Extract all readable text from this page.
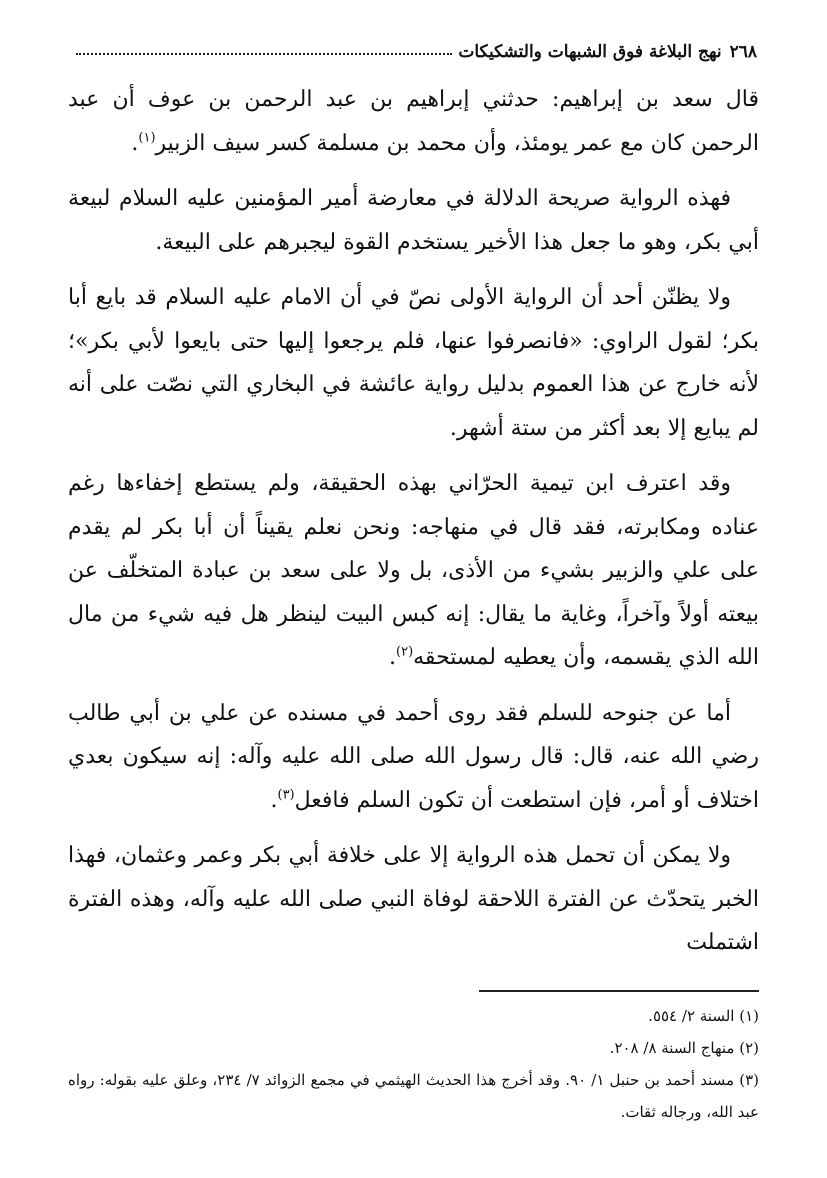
٢٦٨
نهج البلاغة فوق الشبهات والتشكيكات

قال سعد بن إبراهيم: حدثني إبراهيم بن عبد الرحمن بن عوف أن عبد الرحمن كان مع عمر يومئذ، وأن محمد بن مسلمة كسر سيف الزبير$^{(١)}$.

فهذه الرواية صريحة الدلالة في معارضة أمير المؤمنين عليه السلام لبيعة أبي بكر، وهو ما جعل هذا الأخير يستخدم القوة ليجبرهم على البيعة.

ولا يظنّن أحد أن الرواية الأولى نصّ في أن الامام عليه السلام قد بايع أبا بكر؛ لقول الراوي: «فانصرفوا عنها، فلم يرجعوا إليها حتى بايعوا لأبي بكر»؛ لأنه خارج عن هذا العموم بدليل رواية عائشة في البخاري التي نصّت على أنه لم يبايع إلا بعد أكثر من ستة أشهر.

وقد اعترف ابن تيمية الحرّاني بهذه الحقيقة، ولم يستطع إخفاءها رغم عناده ومكابرته، فقد قال في منهاجه: ونحن نعلم يقيناً أن أبا بكر لم يقدم على علي والزبير بشيء من الأذى، بل ولا على سعد بن عبادة المتخلّف عن بيعته أولاً وآخراً، وغاية ما يقال: إنه كبس البيت لينظر هل فيه شيء من مال الله الذي يقسمه، وأن يعطيه لمستحقه$^{(٢)}$.

أما عن جنوحه للسلم فقد روى أحمد في مسنده عن علي بن أبي طالب رضي الله عنه، قال: قال رسول الله صلى الله عليه وآله: إنه سيكون بعدي اختلاف أو أمر، فإن استطعت أن تكون السلم فافعل$^{(٣)}$.

ولا يمكن أن تحمل هذه الرواية إلا على خلافة أبي بكر وعمر وعثمان، فهذا الخبر يتحدّث عن الفترة اللاحقة لوفاة النبي صلى الله عليه وآله، وهذه الفترة اشتملت

(١) السنة ٢/ ٥٥٤.

(٢) منهاج السنة ٨/ ٢٠٨.

(٣) مسند أحمد بن حنبل ١/ ٩٠. وقد أخرج هذا الحديث الهيثمي في مجمع الزوائد ٧/ ٢٣٤، وعلق عليه بقوله: رواه عبد الله، ورجاله ثقات.
